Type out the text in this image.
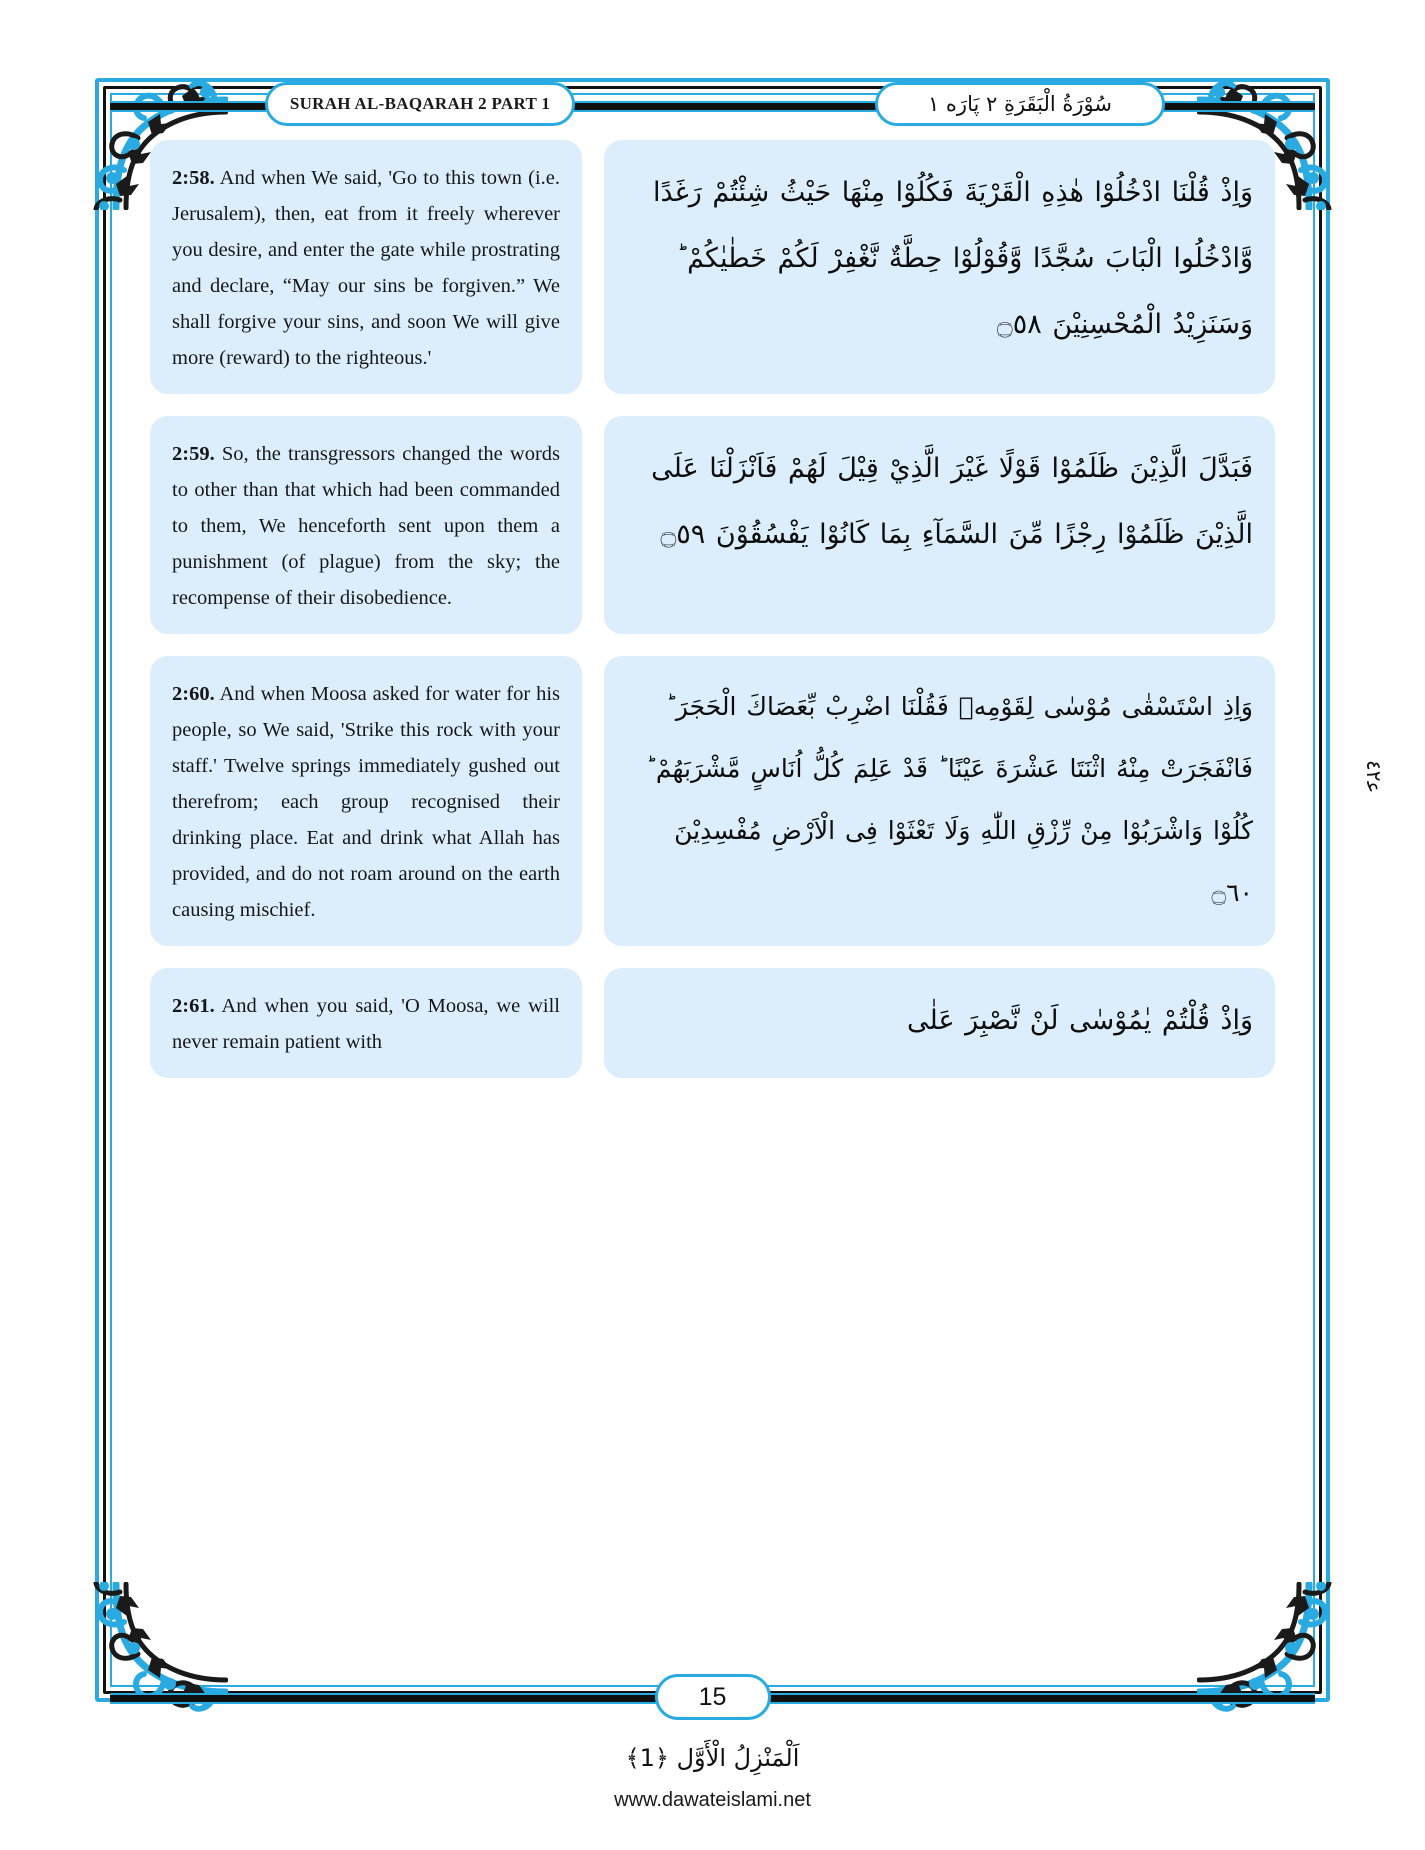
SURAH AL-BAQARAH 2 PART 1	سُوْرَةُ الْبَقَرَةِ ٢ پَارَه ١

2:58. And when We said, 'Go to this town (i.e. Jerusalem), then, eat from it freely wherever you desire, and enter the gate while prostrating and declare, “May our sins be forgiven.” We shall forgive your sins, and soon We will give more (reward) to the righteous.'

وَاِذْ قُلْنَا ادْخُلُوْا هٰذِهِ الْقَرْيَةَ فَكُلُوْا مِنْهَا حَيْثُ شِئْتُمْ رَغَدًا وَّادْخُلُوا الْبَابَ سُجَّدًا وَّقُوْلُوْا حِطَّةٌ نَّغْفِرْ لَكُمْ خَطٰيٰكُمْ ؕ وَسَنَزِيْدُ الْمُحْسِنِيْنَ ۝٥٨

2:59. So, the transgressors changed the words to other than that which had been commanded to them, We henceforth sent upon them a punishment (of plague) from the sky; the recompense of their disobedience.

فَبَدَّلَ الَّذِيْنَ ظَلَمُوْا قَوْلًا غَيْرَ الَّذِيْ قِيْلَ لَهُمْ فَاَنْزَلْنَا عَلَى الَّذِيْنَ ظَلَمُوْا رِجْزًا مِّنَ السَّمَآءِ بِمَا كَانُوْا يَفْسُقُوْنَ ۝٥٩

2:60. And when Moosa asked for water for his people, so We said, 'Strike this rock with your staff.' Twelve springs immediately gushed out therefrom; each group recognised their drinking place. Eat and drink what Allah has provided, and do not roam around on the earth causing mischief.

وَاِذِ اسْتَسْقٰى مُوْسٰى لِقَوْمِهٖ فَقُلْنَا اضْرِبْ بِّعَصَاكَ الْحَجَرَ ؕ فَانْفَجَرَتْ مِنْهُ اثْنَتَا عَشْرَةَ عَيْنًا ؕ قَدْ عَلِمَ كُلُّ اُنَاسٍ مَّشْرَبَهُمْ ؕ كُلُوْا وَاشْرَبُوْا مِنْ رِّزْقِ اللّٰهِ وَلَا تَعْثَوْا فِى الْاَرْضِ مُفْسِدِيْنَ ۝٦٠

2:61. And when you said, 'O Moosa, we will never remain patient with

وَاِذْ قُلْتُمْ يٰمُوْسٰى لَنْ نَّصْبِرَ عَلٰى

ع‍٤‍٢
15
اَلْمَنْزِلُ الْأَوَّل ﴿1﴾
www.dawateislami.net
